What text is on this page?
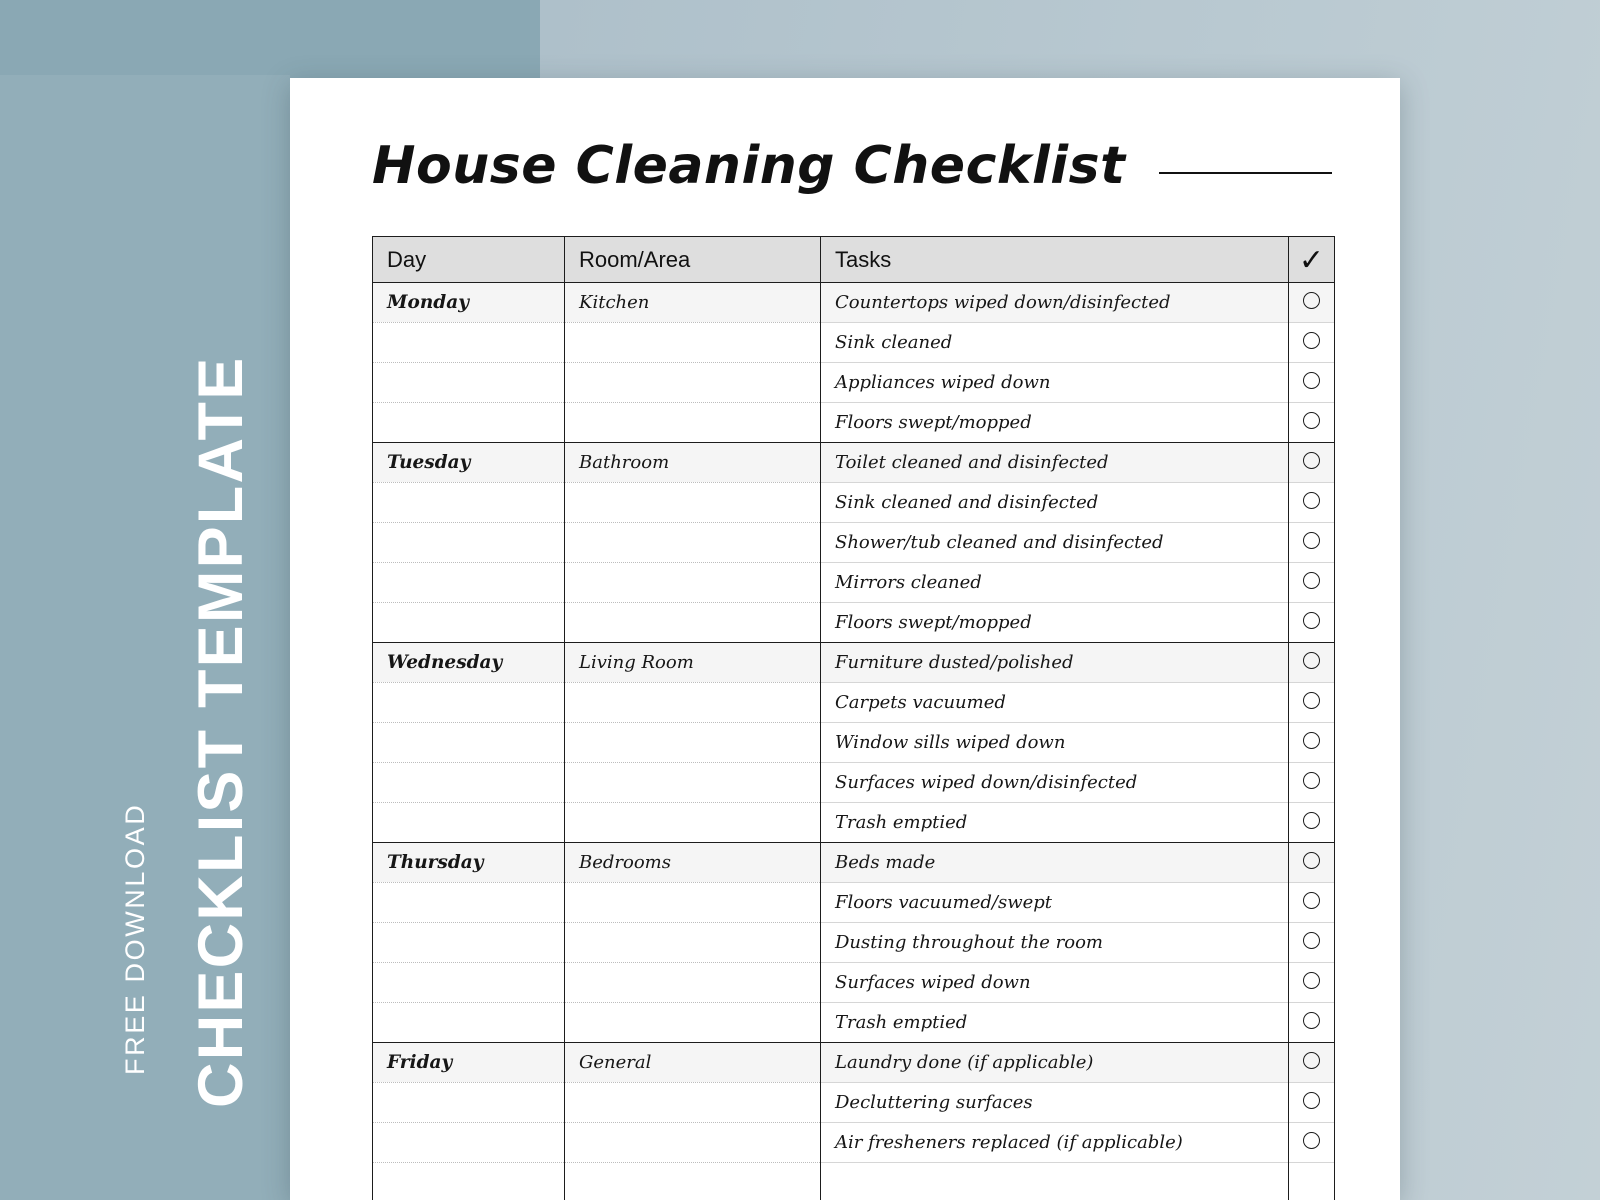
FREE DOWNLOAD CHECKLIST TEMPLATE
House Cleaning Checklist
Day	Room/Area	Tasks	✓
Monday	Kitchen	Countertops wiped down/disinfected	
		Sink cleaned	
		Appliances wiped down	
		Floors swept/mopped	
Tuesday	Bathroom	Toilet cleaned and disinfected	
		Sink cleaned and disinfected	
		Shower/tub cleaned and disinfected	
		Mirrors cleaned	
		Floors swept/mopped	
Wednesday	Living Room	Furniture dusted/polished	
		Carpets vacuumed	
		Window sills wiped down	
		Surfaces wiped down/disinfected	
		Trash emptied	
Thursday	Bedrooms	Beds made	
		Floors vacuumed/swept	
		Dusting throughout the room	
		Surfaces wiped down	
		Trash emptied	
Friday	General	Laundry done (if applicable)	
		Decluttering surfaces	
		Air fresheners replaced (if applicable)	
